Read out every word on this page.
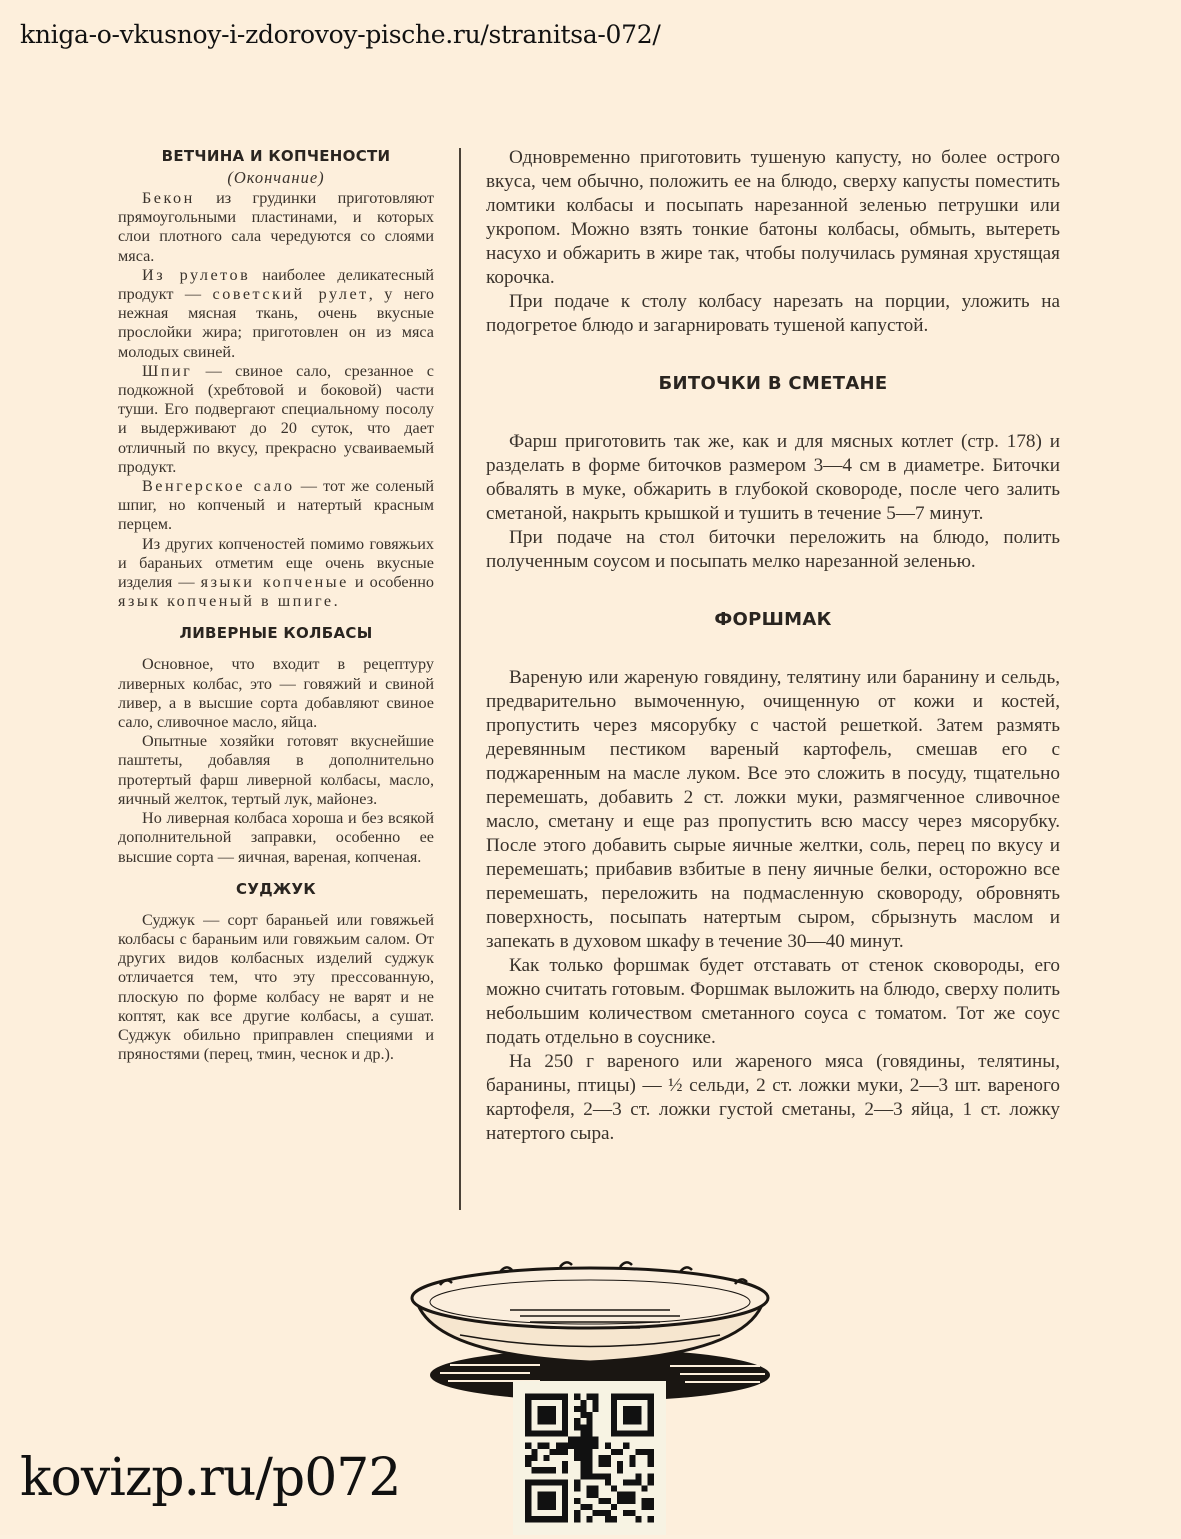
kniga-o-vkusnoy-i-zdorovoy-pische.ru/stranitsa-072/
ВЕТЧИНА И КОПЧЕНОСТИ
(Окончание)

Бекон из грудинки приготовляют прямоугольными пластинами, и которых слои плотного сала чередуются со слоями мяса.

Из рулетов наиболее деликатесный продукт — советский рулет, у него нежная мясная ткань, очень вкусные прослойки жира; приготовлен он из мяса молодых свиней.

Шпиг — свиное сало, срезанное с подкожной (хребтовой и боковой) части туши. Его подвергают специальному посолу и выдерживают до 20 суток, что дает отличный по вкусу, прекрасно усваиваемый продукт.

Венгерское сало — тот же соленый шпиг, но копченый и натертый красным перцем.

Из других копченостей помимо говяжьих и бараньих отметим еще очень вкусные изделия — языки копченые и особенно язык копченый в шпиге.

ЛИВЕРНЫЕ КОЛБАСЫ

Основное, что входит в рецептуру ливерных колбас, это — говяжий и свиной ливер, а в высшие сорта добавляют свиное сало, сливочное масло, яйца.

Опытные хозяйки готовят вкуснейшие паштеты, добавляя в дополнительно протертый фарш ливерной колбасы, масло, яичный желток, тертый лук, майонез.

Но ливерная колбаса хороша и без всякой дополнительной заправки, особенно ее высшие сорта — яичная, вареная, копченая.

СУДЖУК

Суджук — сорт бараньей или говяжьей колбасы с бараньим или говяжьим салом. От других видов колбасных изделий суджук отличается тем, что эту прессованную, плоскую по форме колбасу не варят и не коптят, как все другие колбасы, а сушат. Суджук обильно приправлен специями и пряностями (перец, тмин, чеснок и др.).

Одновременно приготовить тушеную капусту, но более острого вкуса, чем обычно, положить ее на блюдо, сверху капусты поместить ломтики колбасы и посыпать нарезанной зеленью петрушки или укропом. Можно взять тонкие батоны колбасы, обмыть, вытереть насухо и обжарить в жире так, чтобы получилась румяная хрустящая корочка.

При подаче к столу колбасу нарезать на порции, уложить на подогретое блюдо и загарнировать тушеной капустой.

БИТОЧКИ В СМЕТАНЕ

Фарш приготовить так же, как и для мясных котлет (стр. 178) и разделать в форме биточков размером 3—4 см в диаметре. Биточки обвалять в муке, обжарить в глубокой сковороде, после чего залить сметаной, накрыть крышкой и тушить в течение 5—7 минут.

При подаче на стол биточки переложить на блюдо, полить полученным соусом и посыпать мелко нарезанной зеленью.

ФОРШМАК

Вареную или жареную говядину, телятину или баранину и сельдь, предварительно вымоченную, очищенную от кожи и костей, пропустить через мясорубку с частой решеткой. Затем размять деревянным пестиком вареный картофель, смешав его с поджаренным на масле луком. Все это сложить в посуду, тщательно перемешать, добавить 2 ст. ложки муки, размягченное сливочное масло, сметану и еще раз пропустить всю массу через мясорубку. После этого добавить сырые яичные желтки, соль, перец по вкусу и перемешать; прибавив взбитые в пену яичные белки, осторожно все перемешать, переложить на подмасленную сковороду, обровнять поверхность, посыпать натертым сыром, сбрызнуть маслом и запекать в духовом шкафу в течение 30—40 минут.

Как только форшмак будет отставать от стенок сковороды, его можно считать готовым. Форшмак выложить на блюдо, сверху полить небольшим количеством сметанного соуса с томатом. Тот же соус подать отдельно в соуснике.

На 250 г вареного или жареного мяса (говядины, телятины, баранины, птицы) — ½ сельди, 2 ст. ложки муки, 2—3 шт. вареного картофеля, 2—3 ст. ложки густой сметаны, 2—3 яйца, 1 ст. ложку натертого сыра.

kovizp.ru/p072
